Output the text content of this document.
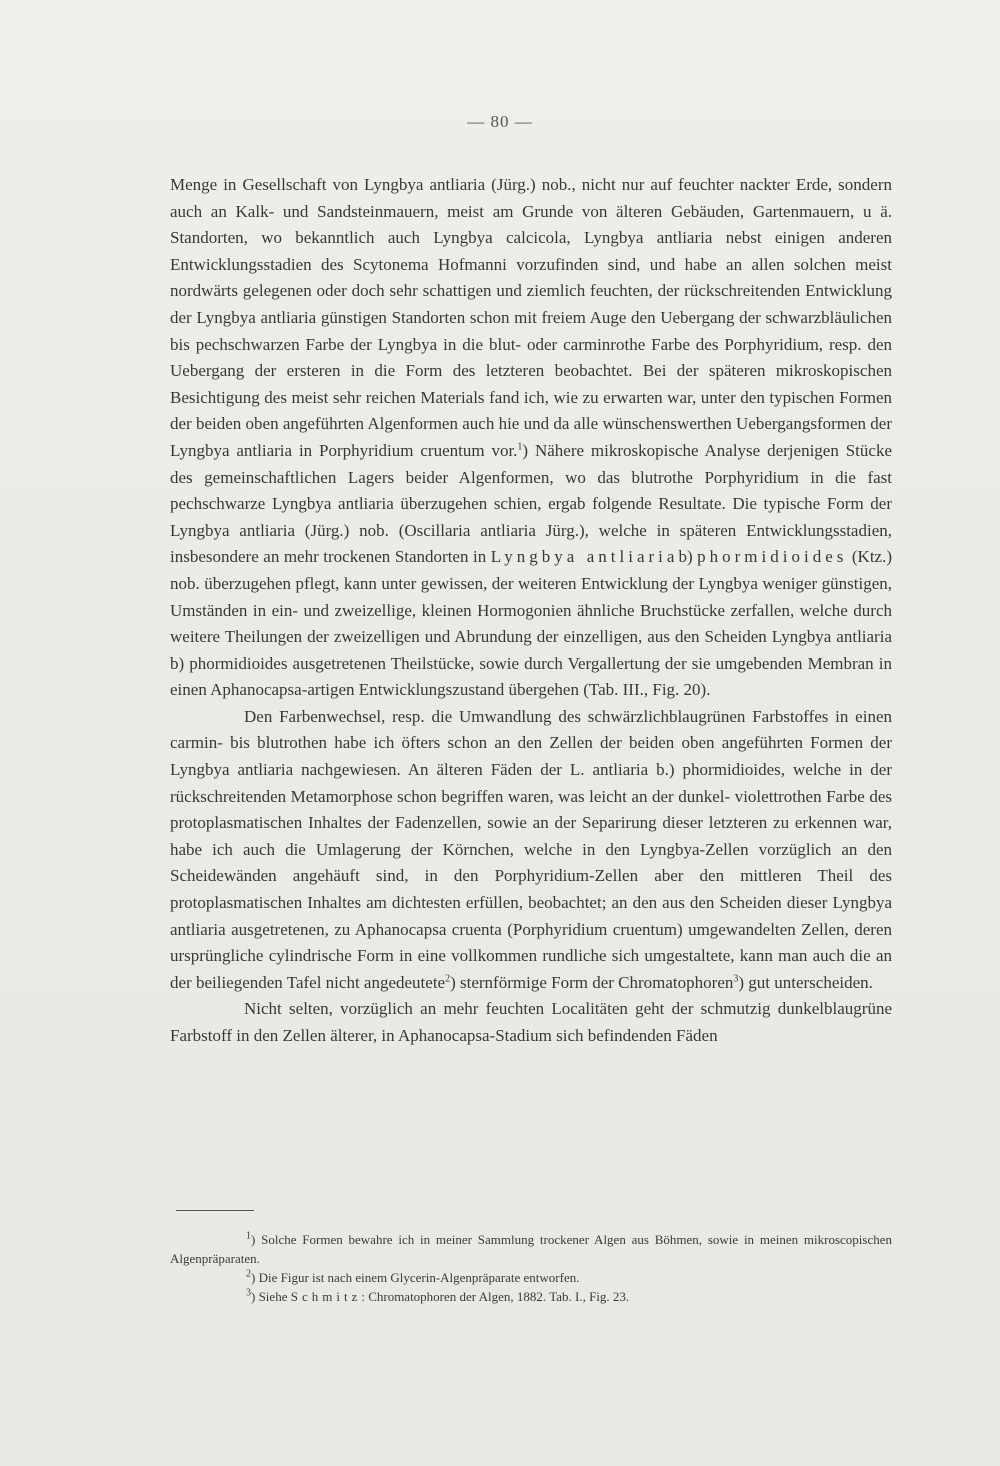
— 80 —

Menge in Gesellschaft von Lyngbya antliaria (Jürg.) nob., nicht nur auf feuchter nackter Erde, sondern auch an Kalk- und Sandsteinmauern, meist am Grunde von älteren Gebäuden, Gartenmauern, u ä. Standorten, wo bekanntlich auch Lyngbya calcicola, Lyngbya antliaria nebst einigen anderen Entwicklungsstadien des Scytonema Hofmanni vorzufinden sind, und habe an allen solchen meist nordwärts gelegenen oder doch sehr schattigen und ziemlich feuchten, der rückschreitenden Entwicklung der Lyngbya antliaria günstigen Standorten schon mit freiem Auge den Uebergang der schwarzbläulichen bis pechschwarzen Farbe der Lyngbya in die blut- oder carminrothe Farbe des Porphyridium, resp. den Uebergang der ersteren in die Form des letzteren beobachtet. Bei der späteren mikroskopischen Besichtigung des meist sehr reichen Materials fand ich, wie zu erwarten war, unter den typischen Formen der beiden oben angeführten Algenformen auch hie und da alle wünschenswerthen Uebergangsformen der Lyngbya antliaria in Porphyridium cruentum vor.$^1$) Nähere mikroskopische Analyse derjenigen Stücke des gemeinschaftlichen Lagers beider Algenformen, wo das blutrothe Porphyridium in die fast pechschwarze Lyngbya antliaria überzugehen schien, ergab folgende Resultate. Die typische Form der Lyngbya antliaria (Jürg.) nob. (Oscillaria antliaria Jürg.), welche in späteren Entwicklungsstadien, insbesondere an mehr trockenen Standorten in Lyngbya antliariab) phormidioides (Ktz.) nob. überzugehen pflegt, kann unter gewissen, der weiteren Entwicklung der Lyngbya weniger günstigen, Umständen in ein- und zweizellige, kleinen Hormogonien ähnliche Bruchstücke zerfallen, welche durch weitere Theilungen der zweizelligen und Abrundung der einzelligen, aus den Scheiden Lyngbya antliaria b) phormidioides ausgetretenen Theilstücke, sowie durch Vergallertung der sie umgebenden Membran in einen Aphanocapsa-artigen Entwicklungszustand übergehen (Tab. III., Fig. 20).

Den Farbenwechsel, resp. die Umwandlung des schwärzlichblaugrünen Farbstoffes in einen carmin- bis blutrothen habe ich öfters schon an den Zellen der beiden oben angeführten Formen der Lyngbya antliaria nachgewiesen. An älteren Fäden der L. antliaria b.) phormidioides, welche in der rückschreitenden Metamorphose schon begriffen waren, was leicht an der dunkel- violettrothen Farbe des protoplasmatischen Inhaltes der Fadenzellen, sowie an der Separirung dieser letzteren zu erkennen war, habe ich auch die Umlagerung der Körnchen, welche in den Lyngbya-Zellen vorzüglich an den Scheidewänden angehäuft sind, in den Porphyridium-Zellen aber den mittleren Theil des protoplasmatischen Inhaltes am dichtesten erfüllen, beobachtet; an den aus den Scheiden dieser Lyngbya antliaria ausgetretenen, zu Aphanocapsa cruenta (Porphyridium cruentum) umgewandelten Zellen, deren ursprüngliche cylindrische Form in eine vollkommen rundliche sich umgestaltete, kann man auch die an der beiliegenden Tafel nicht angedeutete$^2$) sternförmige Form der Chromatophoren$^3$) gut unterscheiden.

Nicht selten, vorzüglich an mehr feuchten Localitäten geht der schmutzig dunkelblaugrüne Farbstoff in den Zellen älterer, in Aphanocapsa-Stadium sich befindenden Fäden

$^1$) Solche Formen bewahre ich in meiner Sammlung trockener Algen aus Böhmen, sowie in meinen mikroscopischen Algenpräparaten.

$^2$) Die Figur ist nach einem Glycerin-Algenpräparate entworfen.

$^3$) Siehe Schmitz: Chromatophoren der Algen, 1882. Tab. I., Fig. 23.
